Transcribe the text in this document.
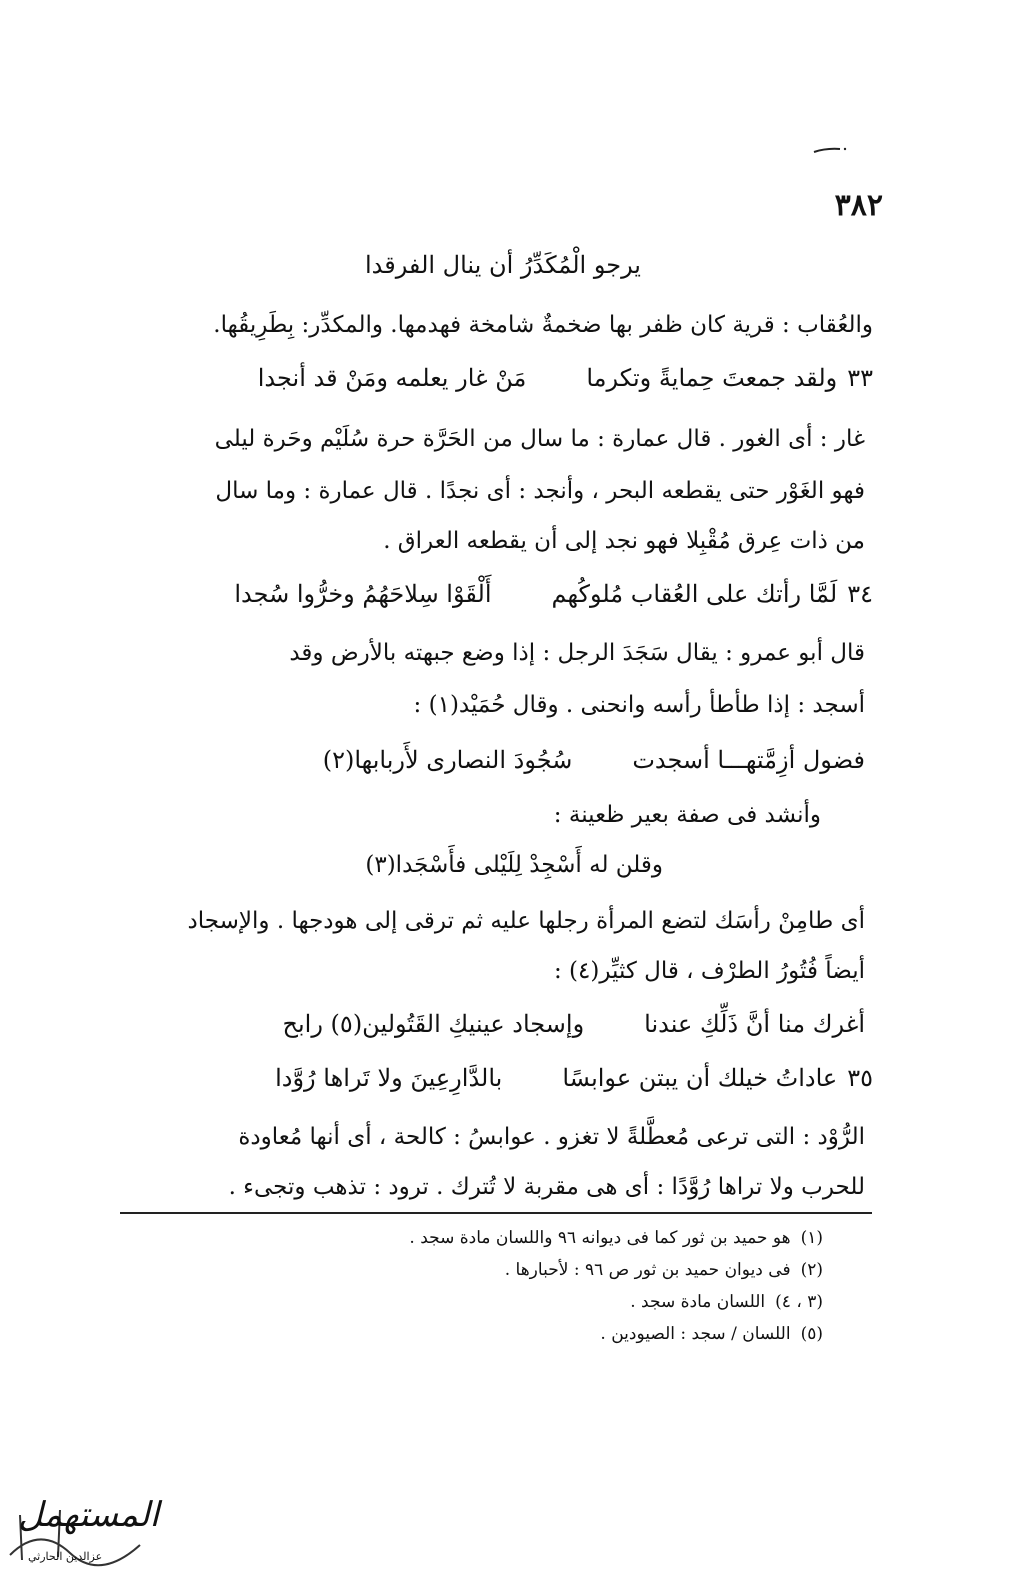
٣٨٢
يرجو الْمُكَدِّرُ أن ينال الفرقدا
والعُقاب : قرية كان ظفر بها ضخمةٌ شامخة فهدمها. والمكدِّر: بِطَرِيقُها.
٣٣ولقد جمعتَ حِمايةً وتكرمامَنْ غار يعلمه ومَنْ قد أنجدا
غار : أى الغور . قال عمارة : ما سال من الحَرَّة حرة سُلَيْم وحَرة ليلى
فهو الغَوْر حتى يقطعه البحر ، وأنجد : أى نجدًا . قال عمارة : وما سال
من ذات عِرق مُقْبِلا فهو نجد إلى أن يقطعه العراق .
٣٤لَمَّا رأتك على العُقاب مُلوكُهمأَلْقَوْا سِلاحَهُمُ وخرُّوا سُجدا
قال أبو عمرو : يقال سَجَدَ الرجل : إذا وضع جبهته بالأرض وقد
أسجد : إذا طأطأ رأسه وانحنى . وقال حُمَيْد(١) :
فضول أزِمَّتهـــا أسجدتسُجُودَ النصارى لأَربابها(٢)
وأنشد فى صفة بعير ظعينة :
وقلن له أَسْجِدْ لِلَيْلى فأَسْجَدا(٣)
أى طامِنْ رأسَك لتضع المرأة رجلها عليه ثم ترقى إلى هودجها . والإسجاد
أيضاً فُتُورُ الطرْف ، قال كثيِّر(٤) :
أغرك منا أنَّ ذَلِّكِ عندناوإسجاد عينيكِ القَتُولين(٥) رابح
٣٥عاداتُ خيلك أن يبتن عوابسًابالدَّارِعِينَ ولا تَراها رُوَّدا
الرُّوْد : التى ترعى مُعطَّلةً لا تغزو . عوابسُ : كالحة ، أى أنها مُعاودة
للحرب ولا تراها رُوَّدًا : أى هى مقربة لا تُترك . ترود : تذهب وتجىء .
(١)هو حميد بن ثور كما فى ديوانه ٩٦ واللسان مادة سجد .
(٢)فى ديوان حميد بن ثور ص ٩٦ : لأحبارها .
(٣ ، ٤)اللسان مادة سجد .
(٥)اللسان / سجد : الصيودين .
المستهمل
عزالدين الحارثي
